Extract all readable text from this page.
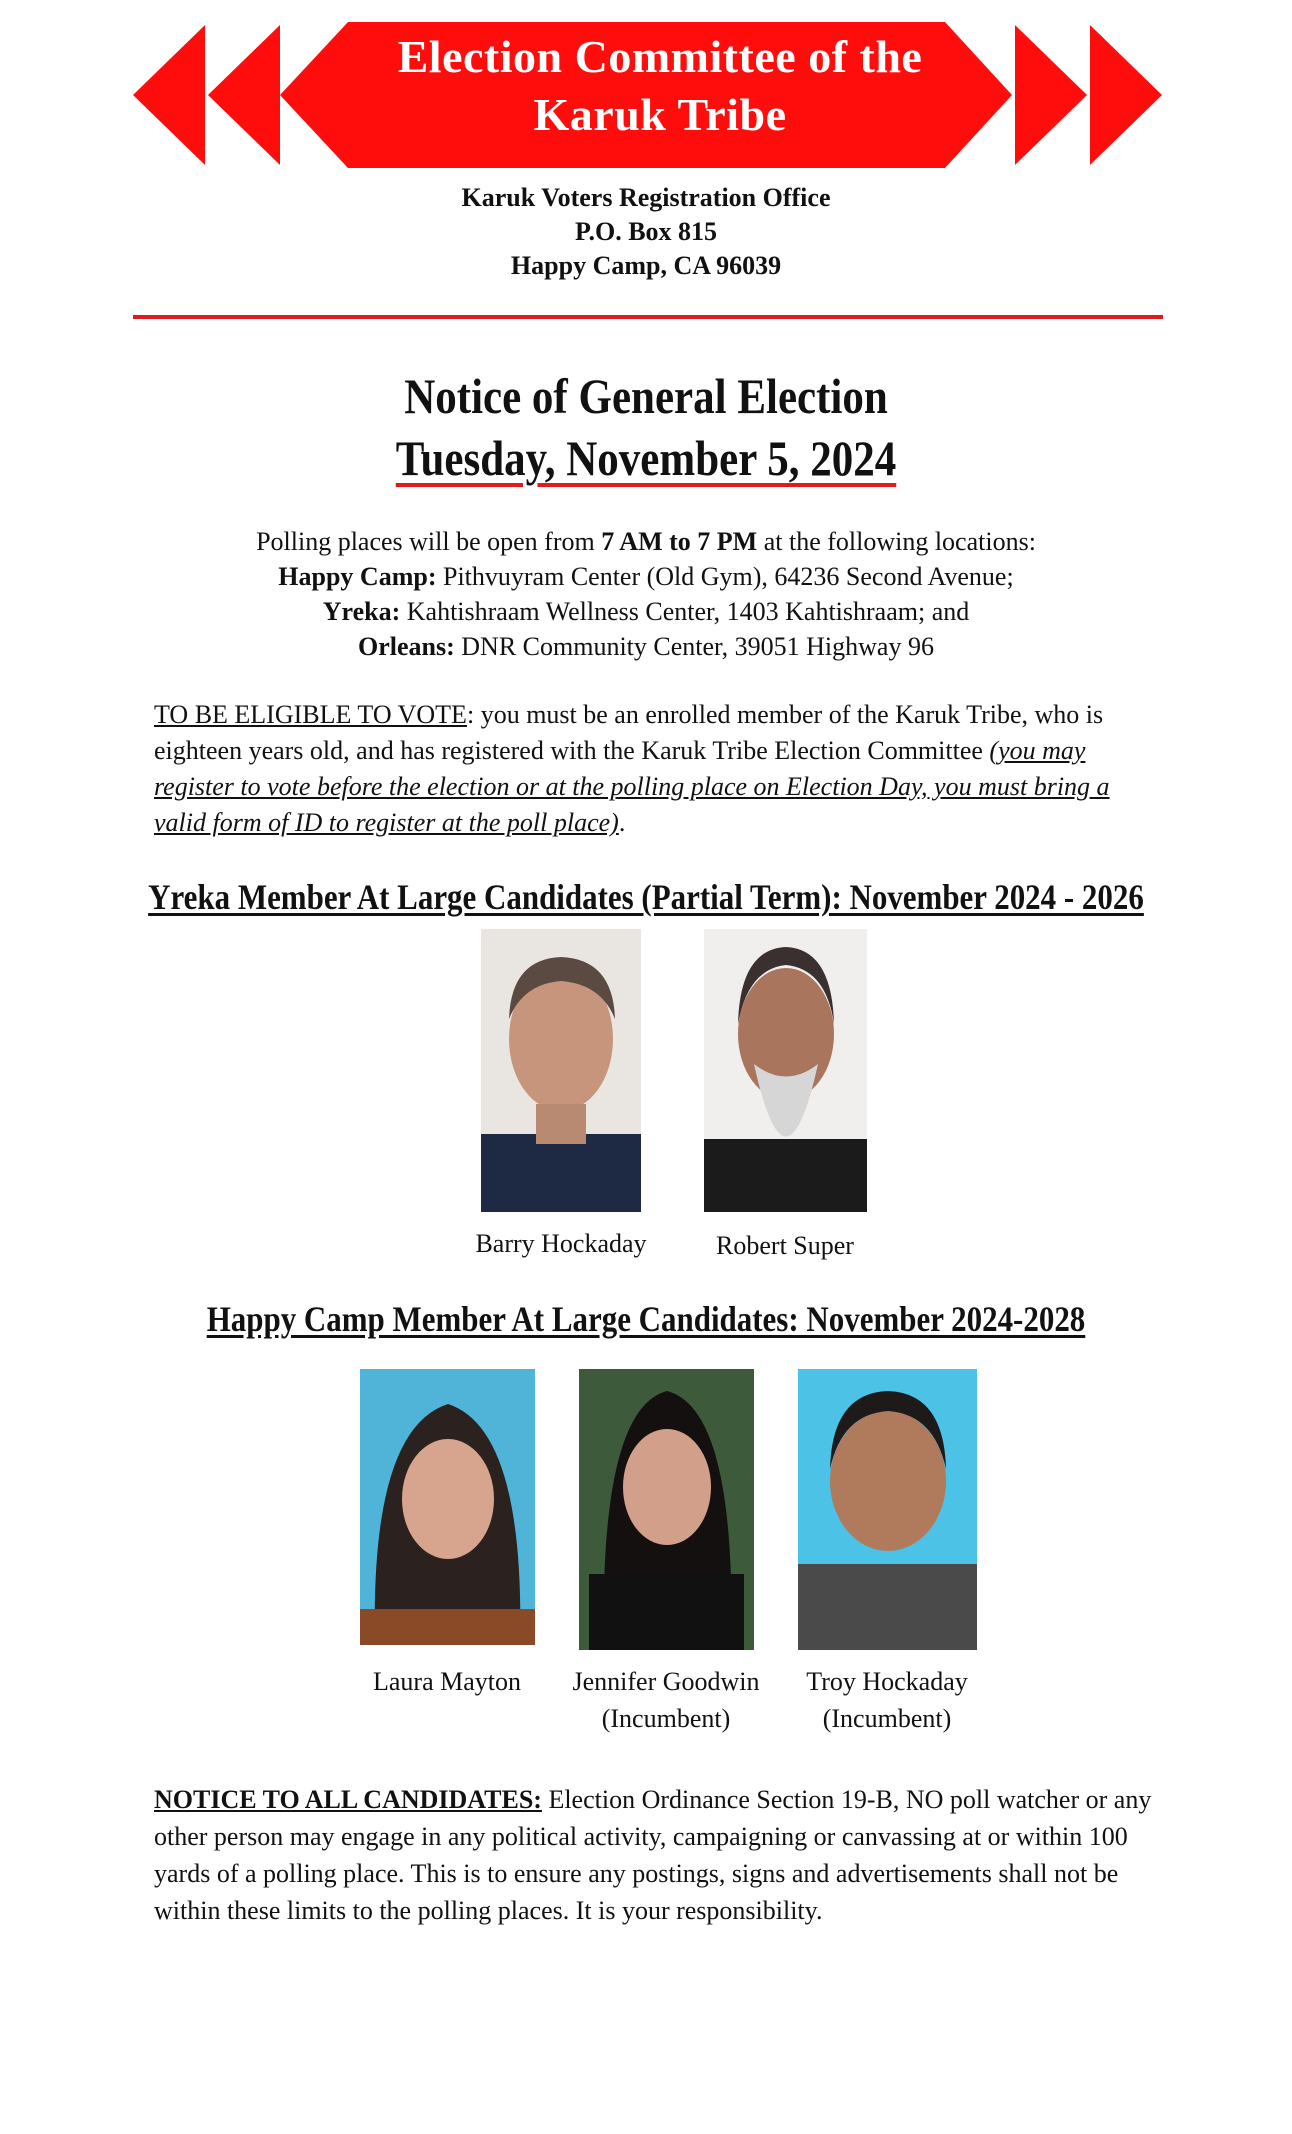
Election Committee of the
Karuk Tribe
Karuk Voters Registration Office
P.O. Box 815
Happy Camp, CA 96039
Notice of General Election
Tuesday, November 5, 2024
Polling places will be open from 7 AM to 7 PM at the following locations:
Happy Camp: Pithvuyram Center (Old Gym), 64236 Second Avenue;
Yreka: Kahtishraam Wellness Center, 1403 Kahtishraam; and
Orleans: DNR Community Center, 39051 Highway 96
TO BE ELIGIBLE TO VOTE: you must be an enrolled member of the Karuk Tribe, who is eighteen years old, and has registered with the Karuk Tribe Election Committee (you may register to vote before the election or at the polling place on Election Day, you must bring a valid form of ID to register at the poll place).
Yreka Member At Large Candidates (Partial Term): November 2024 - 2026
Barry Hockaday	Robert Super
Happy Camp Member At Large Candidates: November 2024-2028
Laura Mayton	Jennifer Goodwin
(Incumbent)
Troy Hockaday
(Incumbent)
NOTICE TO ALL CANDIDATES: Election Ordinance Section 19-B, NO poll watcher or any other person may engage in any political activity, campaigning or canvassing at or within 100 yards of a polling place. This is to ensure any postings, signs and advertisements shall not be within these limits to the polling places. It is your responsibility.
